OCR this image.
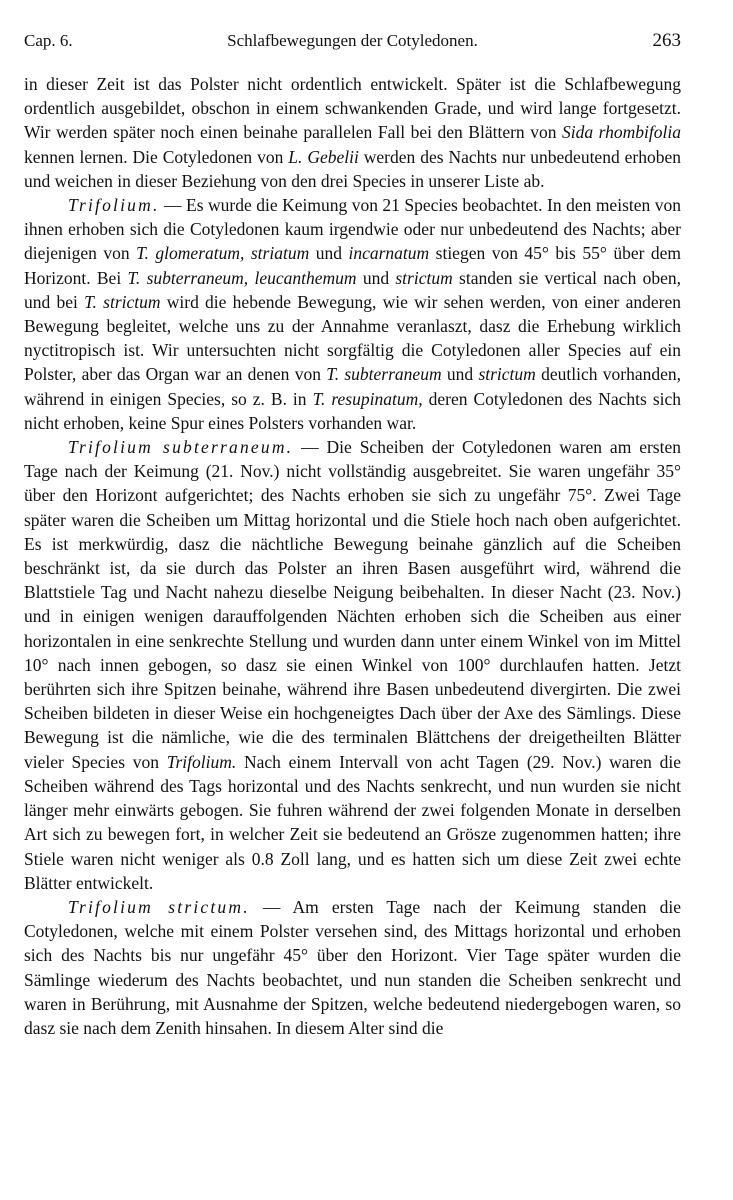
Cap. 6.	Schlafbewegungen der Cotyledonen.	263

in dieser Zeit ist das Polster nicht ordentlich entwickelt. Später ist die Schlafbewegung ordentlich ausgebildet, obschon in einem schwankenden Grade, und wird lange fortgesetzt. Wir werden später noch einen beinahe parallelen Fall bei den Blättern von Sida rhombifolia kennen lernen. Die Cotyledonen von L. Gebelii werden des Nachts nur unbedeutend erhoben und weichen in dieser Beziehung von den drei Species in unserer Liste ab.

Trifolium. — Es wurde die Keimung von 21 Species beobachtet. In den meisten von ihnen erhoben sich die Cotyledonen kaum irgendwie oder nur unbedeutend des Nachts; aber diejenigen von T. glomeratum, striatum und incarnatum stiegen von 45° bis 55° über dem Horizont. Bei T. subterraneum, leucanthemum und strictum standen sie vertical nach oben, und bei T. strictum wird die hebende Bewegung, wie wir sehen werden, von einer anderen Bewegung begleitet, welche uns zu der Annahme veranlaszt, dasz die Erhebung wirklich nyctitropisch ist. Wir untersuchten nicht sorgfältig die Cotyledonen aller Species auf ein Polster, aber das Organ war an denen von T. subterraneum und strictum deutlich vorhanden, während in einigen Species, so z. B. in T. resupinatum, deren Cotyledonen des Nachts sich nicht erhoben, keine Spur eines Polsters vorhanden war.

Trifolium subterraneum. — Die Scheiben der Cotyledonen waren am ersten Tage nach der Keimung (21. Nov.) nicht vollständig ausgebreitet. Sie waren ungefähr 35° über den Horizont aufgerichtet; des Nachts erhoben sie sich zu ungefähr 75°. Zwei Tage später waren die Scheiben um Mittag horizontal und die Stiele hoch nach oben aufgerichtet. Es ist merkwürdig, dasz die nächtliche Bewegung beinahe gänzlich auf die Scheiben beschränkt ist, da sie durch das Polster an ihren Basen ausgeführt wird, während die Blattstiele Tag und Nacht nahezu dieselbe Neigung beibehalten. In dieser Nacht (23. Nov.) und in einigen wenigen darauffolgenden Nächten erhoben sich die Scheiben aus einer horizontalen in eine senkrechte Stellung und wurden dann unter einem Winkel von im Mittel 10° nach innen gebogen, so dasz sie einen Winkel von 100° durchlaufen hatten. Jetzt berührten sich ihre Spitzen beinahe, während ihre Basen unbedeutend divergirten. Die zwei Scheiben bildeten in dieser Weise ein hochgeneigtes Dach über der Axe des Sämlings. Diese Bewegung ist die nämliche, wie die des terminalen Blättchens der dreigetheilten Blätter vieler Species von Trifolium. Nach einem Intervall von acht Tagen (29. Nov.) waren die Scheiben während des Tags horizontal und des Nachts senkrecht, und nun wurden sie nicht länger mehr einwärts gebogen. Sie fuhren während der zwei folgenden Monate in derselben Art sich zu bewegen fort, in welcher Zeit sie bedeutend an Grösze zugenommen hatten; ihre Stiele waren nicht weniger als 0.8 Zoll lang, und es hatten sich um diese Zeit zwei echte Blätter entwickelt.

Trifolium strictum. — Am ersten Tage nach der Keimung standen die Cotyledonen, welche mit einem Polster versehen sind, des Mittags horizontal und erhoben sich des Nachts bis nur ungefähr 45° über den Horizont. Vier Tage später wurden die Sämlinge wiederum des Nachts beobachtet, und nun standen die Scheiben senkrecht und waren in Berührung, mit Ausnahme der Spitzen, welche bedeutend niedergebogen waren, so dasz sie nach dem Zenith hinsahen. In diesem Alter sind die
